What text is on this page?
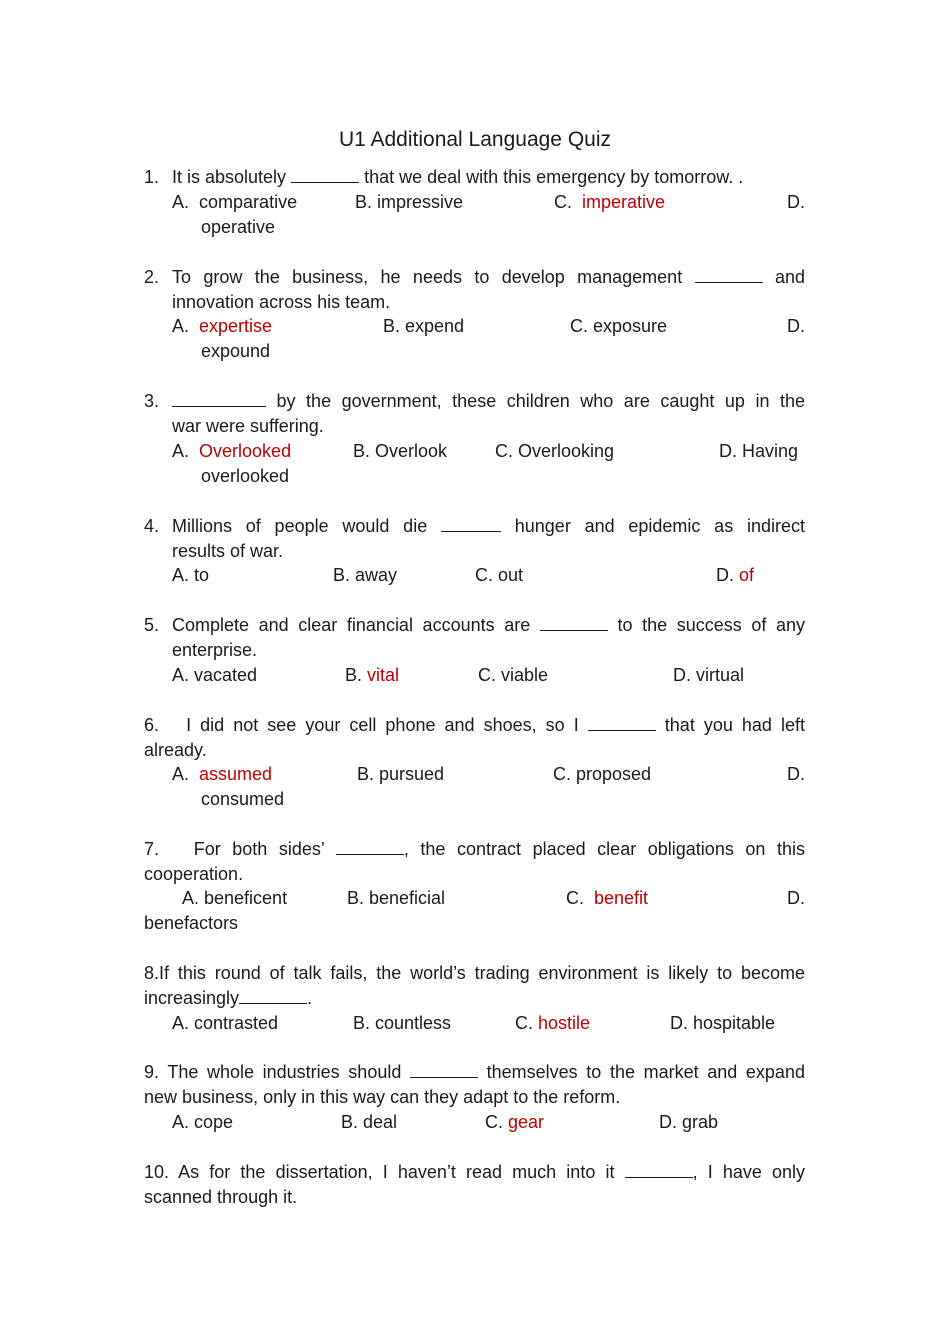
U1 Additional Language Quiz
1. It is absolutely	that we deal with this emergency by tomorrow. .
A. comparative	B. impressive	C. imperative	D.
operative
2. To grow the business, he needs to develop management	and
innovation across his team.
A. expertise	B. expend	C. exposure	D.
expound
3.	by the government, these children who are caught up in the
war were suffering.
A. Overlooked	B. Overlook	C. Overlooking	D. Having
overlooked
4. Millions of people would die	hunger and epidemic as indirect
results of war.
A. to	B. away	C. out	D. of
5. Complete and clear financial accounts are	to the success of any
enterprise.
A. vacated	B. vital	C. viable	D. virtual
6. I did not see your cell phone and shoes, so I	that you had left
already.
A. assumed	B. pursued	C. proposed	D.
consumed
7. For both sides’	, the contract placed clear obligations on this
cooperation.
A. beneficent	B. beneficial	C. benefit	D.
benefactors
8.If this round of talk fails, the world’s trading environment is likely to become
increasingly	.
A. contrasted	B. countless	C. hostile	D. hospitable
9. The whole industries should	themselves to the market and expand
new business, only in this way can they adapt to the reform.
A. cope	B. deal	C. gear	D. grab
10. As for the dissertation, I haven’t read much into it	, I have only
scanned through it.
